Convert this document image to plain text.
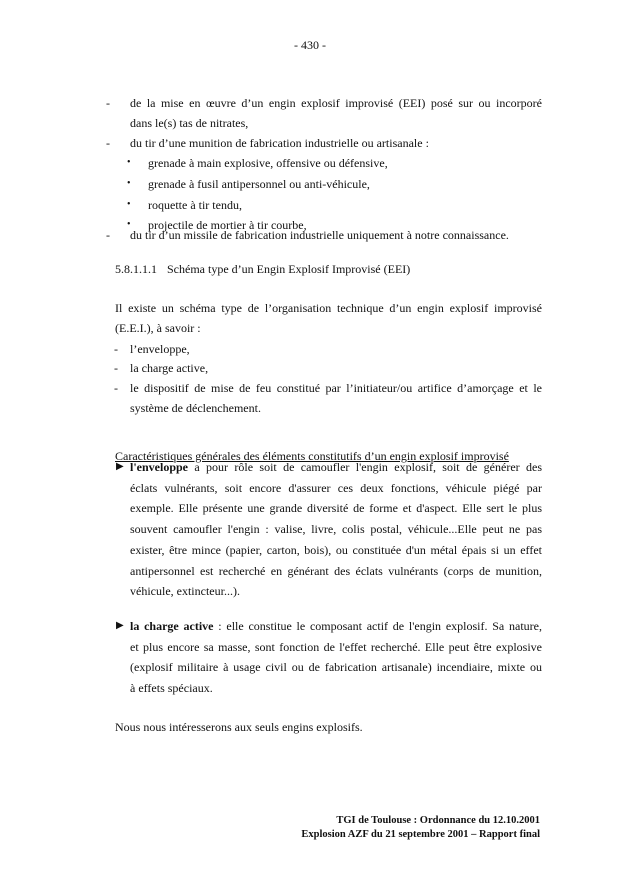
- 430 -
- de la mise en œuvre d’un engin explosif improvisé (EEI) posé sur ou incorporé
dans le(s) tas de nitrates,
- du tir d’une munition de fabrication industrielle ou artisanale :
• grenade à main explosive, offensive ou défensive,
• grenade à fusil antipersonnel ou anti-véhicule,
• roquette à tir tendu,
• projectile de mortier à tir courbe,
- du tir d’un missile de fabrication industrielle uniquement à notre connaissance.
5.8.1.1.1 Schéma type d’un Engin Explosif Improvisé (EEI)
Il existe un schéma type de l’organisation technique d’un engin explosif improvisé
(E.E.I.), à savoir :
- l’enveloppe,
- la charge active,
- le dispositif de mise de feu constitué par l’initiateur/ou artifice d’amorçage et le
système de déclenchement.
Caractéristiques générales des éléments constitutifs d’un engin explosif improvisé
▶ l'enveloppe a pour rôle soit de camoufler l'engin explosif, soit de générer des
éclats vulnérants, soit encore d'assurer ces deux fonctions, véhicule piégé par
exemple. Elle présente une grande diversité de forme et d'aspect. Elle sert le plus
souvent camoufler l'engin : valise, livre, colis postal, véhicule...Elle peut ne pas
exister, être mince (papier, carton, bois), ou constituée d'un métal épais si un effet
antipersonnel est recherché en générant des éclats vulnérants (corps de munition,
véhicule, extincteur...).
▶ la charge active : elle constitue le composant actif de l'engin explosif. Sa nature,
et plus encore sa masse, sont fonction de l'effet recherché. Elle peut être explosive
(explosif militaire à usage civil ou de fabrication artisanale) incendiaire, mixte ou
à effets spéciaux.
Nous nous intéresserons aux seuls engins explosifs.
TGI de Toulouse : Ordonnance du 12.10.2001
Explosion AZF du 21 septembre 2001 – Rapport final
